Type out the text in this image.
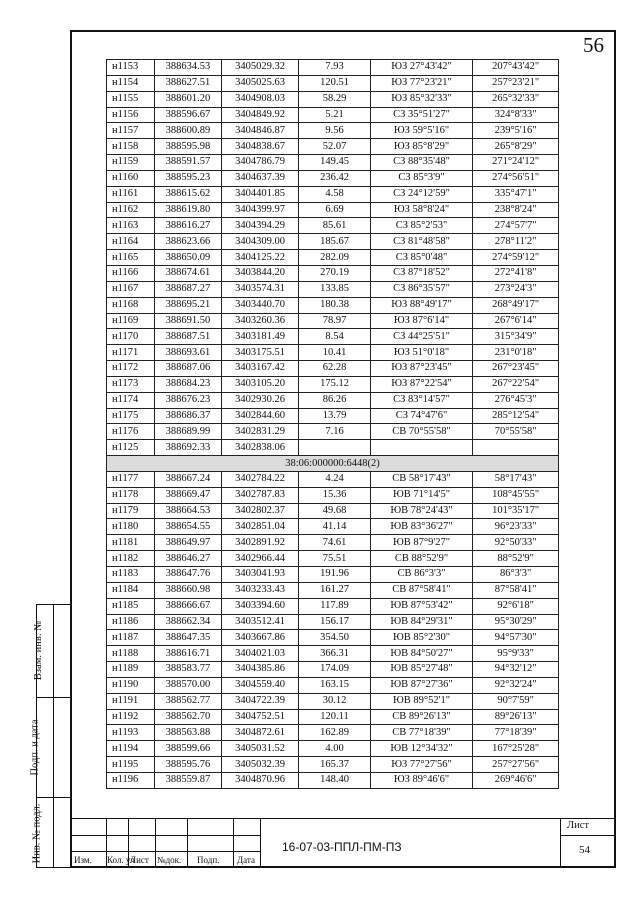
56
н1153	388634.53	3405029.32	7.93	ЮЗ 27°43'42"	207°43'42"
н1154	388627.51	3405025.63	120.51	ЮЗ 77°23'21"	257°23'21"
н1155	388601.20	3404908.03	58.29	ЮЗ 85°32'33"	265°32'33"
н1156	388596.67	3404849.92	5.21	СЗ 35°51'27"	324°8'33"
н1157	388600.89	3404846.87	9.56	ЮЗ 59°5'16"	239°5'16"
н1158	388595.98	3404838.67	52.07	ЮЗ 85°8'29"	265°8'29"
н1159	388591.57	3404786.79	149.45	СЗ 88°35'48"	271°24'12"
н1160	388595.23	3404637.39	236.42	СЗ 85°3'9"	274°56'51"
н1161	388615.62	3404401.85	4.58	СЗ 24°12'59"	335°47'1"
н1162	388619.80	3404399.97	6.69	ЮЗ 58°8'24"	238°8'24"
н1163	388616.27	3404394.29	85.61	СЗ 85°2'53"	274°57'7"
н1164	388623.66	3404309.00	185.67	СЗ 81°48'58"	278°11'2"
н1165	388650.09	3404125.22	282.09	СЗ 85°0'48"	274°59'12"
н1166	388674.61	3403844.20	270.19	СЗ 87°18'52"	272°41'8"
н1167	388687.27	3403574.31	133.85	СЗ 86°35'57"	273°24'3"
н1168	388695.21	3403440.70	180.38	ЮЗ 88°49'17"	268°49'17"
н1169	388691.50	3403260.36	78.97	ЮЗ 87°6'14"	267°6'14"
н1170	388687.51	3403181.49	8.54	СЗ 44°25'51"	315°34'9"
н1171	388693.61	3403175.51	10.41	ЮЗ 51°0'18"	231°0'18"
н1172	388687.06	3403167.42	62.28	ЮЗ 87°23'45"	267°23'45"
н1173	388684.23	3403105.20	175.12	ЮЗ 87°22'54"	267°22'54"
н1174	388676.23	3402930.26	86.26	СЗ 83°14'57"	276°45'3"
н1175	388686.37	3402844.60	13.79	СЗ 74°47'6"	285°12'54"
н1176	388689.99	3402831.29	7.16	СВ 70°55'58"	70°55'58"
н1125	388692.33	3402838.06			
38:06:000000:6448(2)					
н1177	388667.24	3402784.22	4.24	СВ 58°17'43"	58°17'43"
н1178	388669.47	3402787.83	15.36	ЮВ 71°14'5"	108°45'55"
н1179	388664.53	3402802.37	49.68	ЮВ 78°24'43"	101°35'17"
н1180	388654.55	3402851.04	41.14	ЮВ 83°36'27"	96°23'33"
н1181	388649.97	3402891.92	74.61	ЮВ 87°9'27"	92°50'33"
н1182	388646.27	3402966.44	75.51	СВ 88°52'9"	88°52'9"
н1183	388647.76	3403041.93	191.96	СВ 86°3'3"	86°3'3"
н1184	388660.98	3403233.43	161.27	СВ 87°58'41"	87°58'41"
н1185	388666.67	3403394.60	117.89	ЮВ 87°53'42"	92°6'18"
н1186	388662.34	3403512.41	156.17	ЮВ 84°29'31"	95°30'29"
н1187	388647.35	3403667.86	354.50	ЮВ 85°2'30"	94°57'30"
н1188	388616.71	3404021.03	366.31	ЮВ 84°50'27"	95°9'33"
н1189	388583.77	3404385.86	174.09	ЮВ 85°27'48"	94°32'12"
н1190	388570.00	3404559.40	163.15	ЮВ 87°27'36"	92°32'24"
н1191	388562.77	3404722.39	30.12	ЮВ 89°52'1"	90°7'59"
н1192	388562.70	3404752.51	120.11	СВ 89°26'13"	89°26'13"
н1193	388563.88	3404872.61	162.89	СВ 77°18'39"	77°18'39"
н1194	388599.66	3405031.52	4.00	ЮВ 12°34'32"	167°25'28"
н1195	388595.76	3405032.39	165.37	ЮЗ 77°27'56"	257°27'56"
н1196	388559.87	3404870.96	148.40	ЮЗ 89°46'6"	269°46'6"
Взам. инв. №
Подп. и дата
Инв. № подл.	Изм. Кол. уч
Лист №док. Подп. Дата
16-07-03-ППЛ-ПМ-ПЗ
Лист
54
